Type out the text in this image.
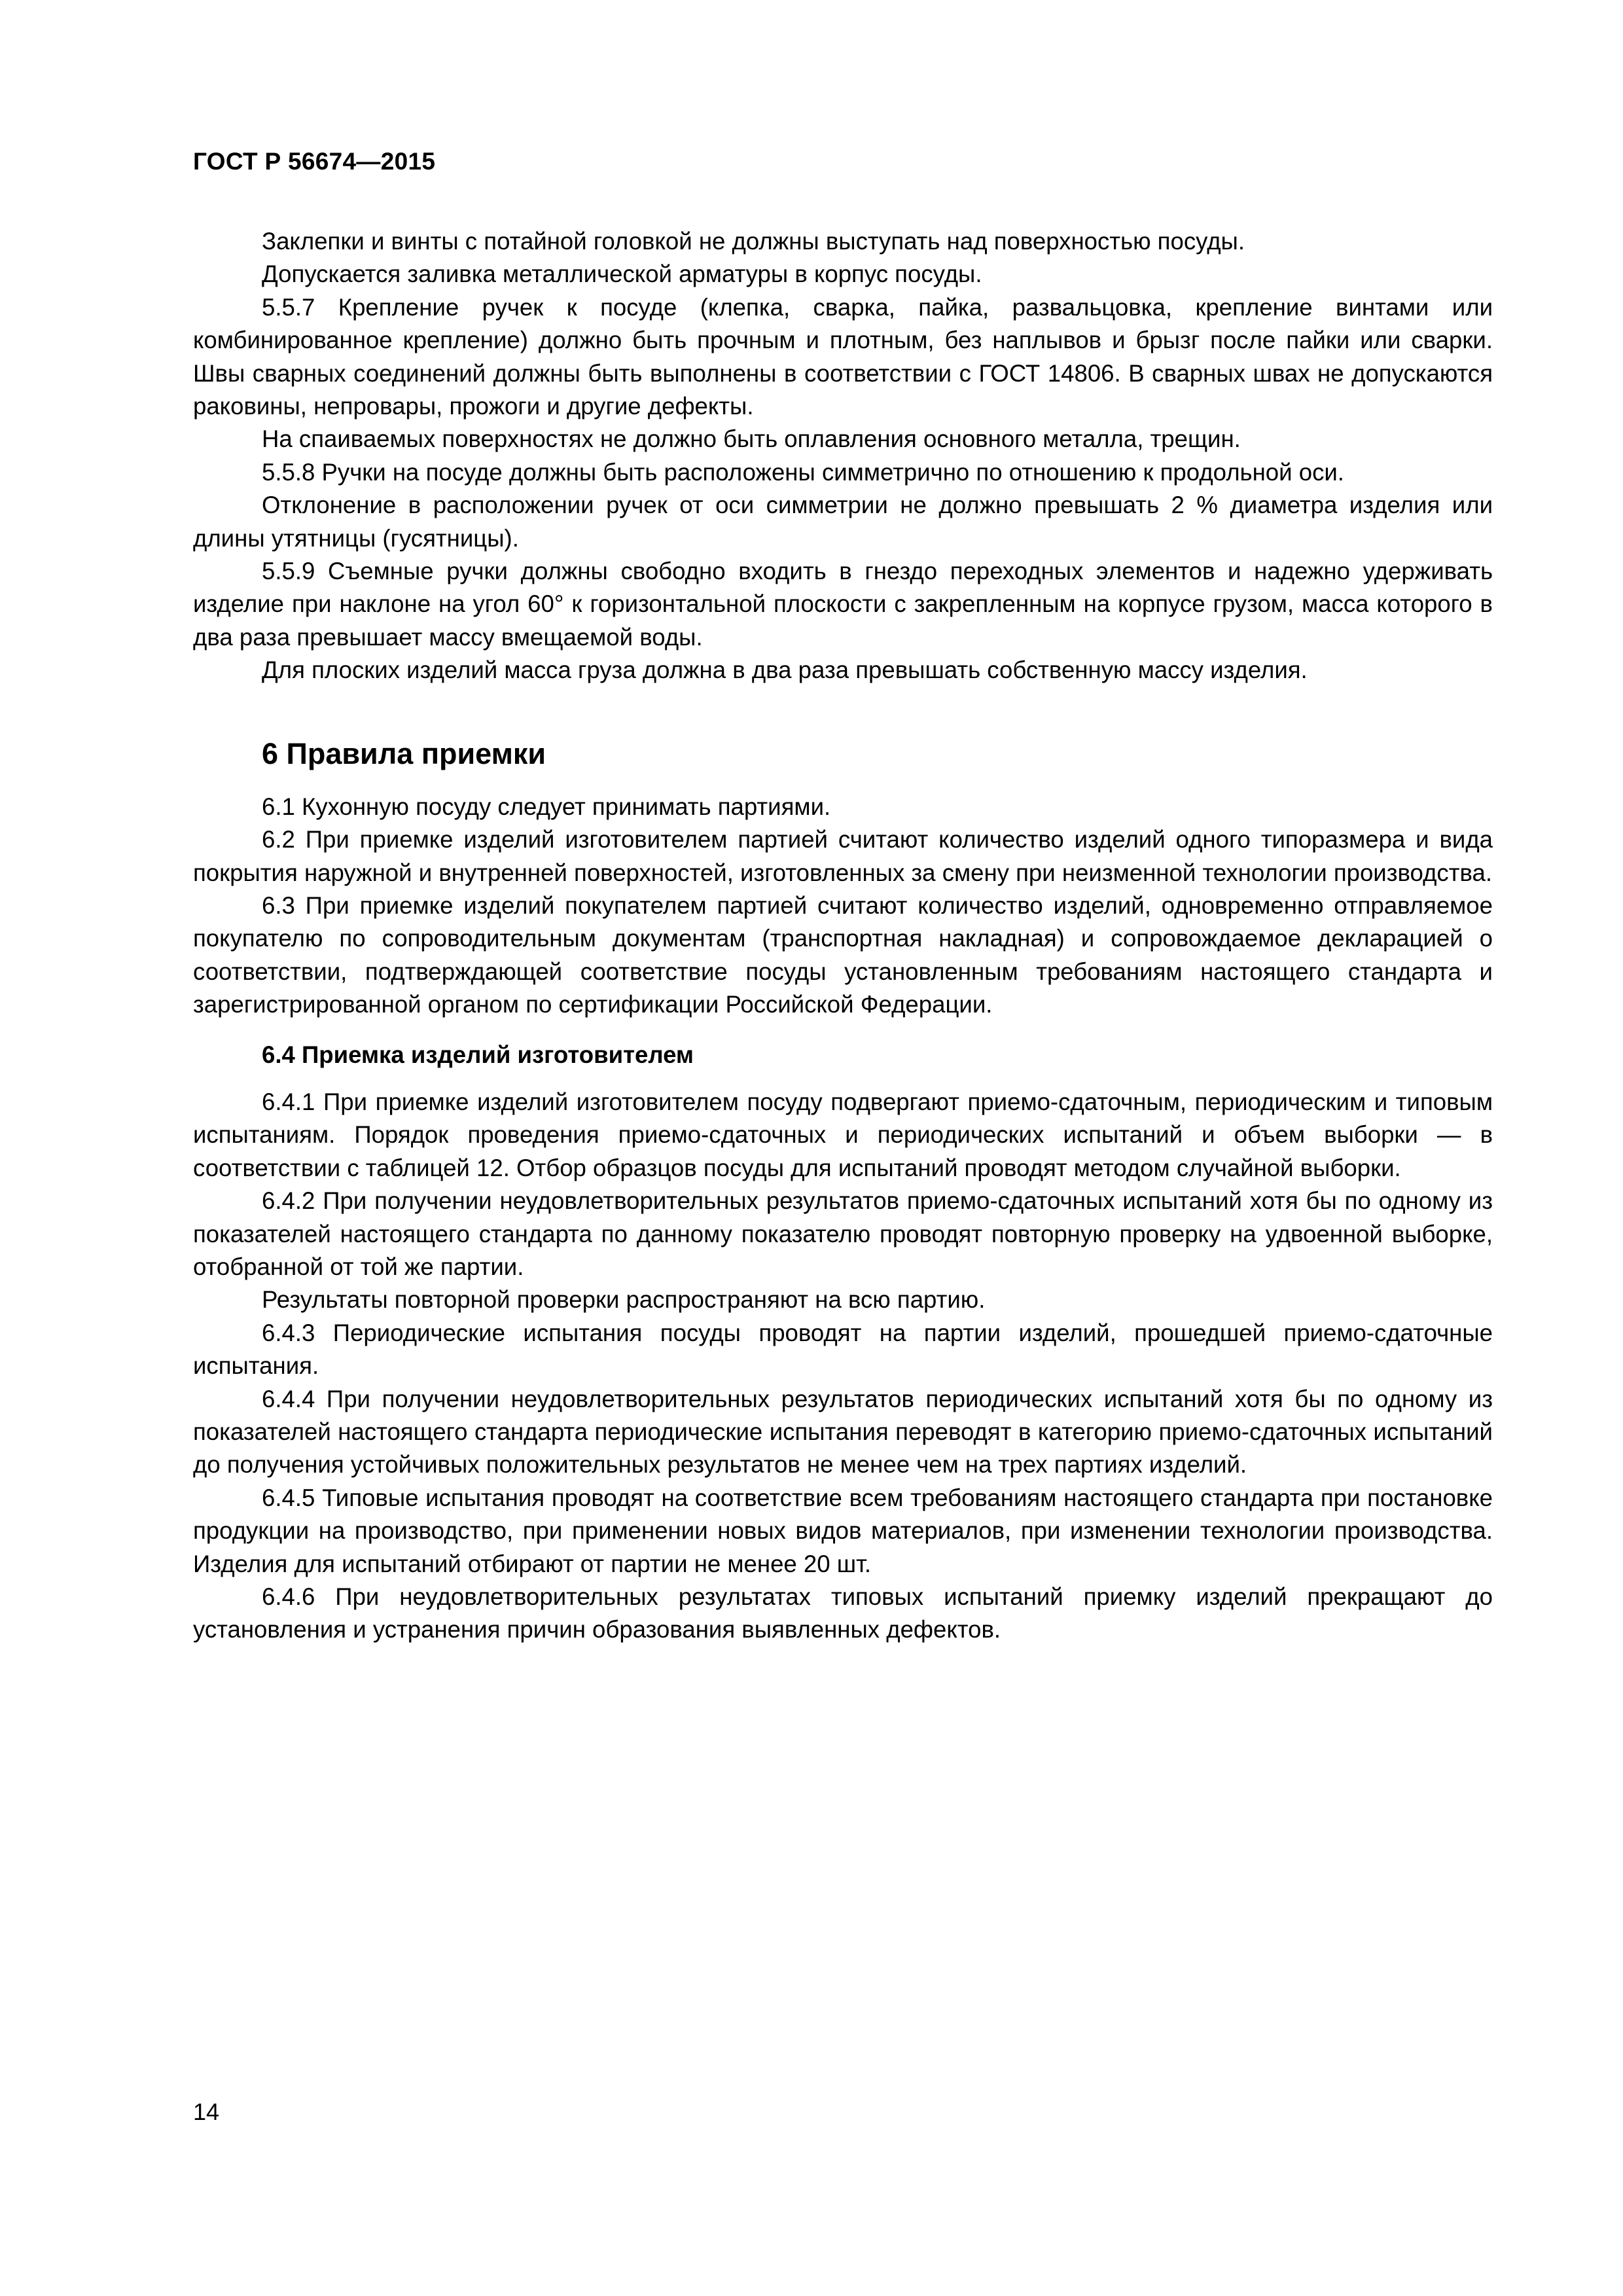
ГОСТ Р 56674—2015

Заклепки и винты с потайной головкой не должны выступать над поверхностью посуды.

Допускается заливка металлической арматуры в корпус посуды.

5.5.7 Крепление ручек к посуде (клепка, сварка, пайка, развальцовка, крепление винтами или комбинированное крепление) должно быть прочным и плотным, без наплывов и брызг после пайки или сварки. Швы сварных соединений должны быть выполнены в соответствии с ГОСТ 14806. В сварных швах не допускаются раковины, непровары, прожоги и другие дефекты.

На спаиваемых поверхностях не должно быть оплавления основного металла, трещин.

5.5.8 Ручки на посуде должны быть расположены симметрично по отношению к продольной оси.

Отклонение в расположении ручек от оси симметрии не должно превышать 2 % диаметра изделия или длины утятницы (гусятницы).

5.5.9 Съемные ручки должны свободно входить в гнездо переходных элементов и надежно удерживать изделие при наклоне на угол 60° к горизонтальной плоскости с закрепленным на корпусе грузом, масса которого в два раза превышает массу вмещаемой воды.

Для плоских изделий масса груза должна в два раза превышать собственную массу изделия.

6 Правила приемки

6.1 Кухонную посуду следует принимать партиями.

6.2 При приемке изделий изготовителем партией считают количество изделий одного типоразмера и вида покрытия наружной и внутренней поверхностей, изготовленных за смену при неизменной технологии производства.

6.3 При приемке изделий покупателем партией считают количество изделий, одновременно отправляемое покупателю по сопроводительным документам (транспортная накладная) и сопровождаемое декларацией о соответствии, подтверждающей соответствие посуды установленным требованиям настоящего стандарта и зарегистрированной органом по сертификации Российской Федерации.

6.4 Приемка изделий изготовителем

6.4.1 При приемке изделий изготовителем посуду подвергают приемо-сдаточным, периодическим и типовым испытаниям. Порядок проведения приемо-сдаточных и периодических испытаний и объем выборки — в соответствии с таблицей 12. Отбор образцов посуды для испытаний проводят методом случайной выборки.

6.4.2 При получении неудовлетворительных результатов приемо-сдаточных испытаний хотя бы по одному из показателей настоящего стандарта по данному показателю проводят повторную проверку на удвоенной выборке, отобранной от той же партии.

Результаты повторной проверки распространяют на всю партию.

6.4.3 Периодические испытания посуды проводят на партии изделий, прошедшей приемо-сдаточные испытания.

6.4.4 При получении неудовлетворительных результатов периодических испытаний хотя бы по одному из показателей настоящего стандарта периодические испытания переводят в категорию приемо-сдаточных испытаний до получения устойчивых положительных результатов не менее чем на трех партиях изделий.

6.4.5 Типовые испытания проводят на соответствие всем требованиям настоящего стандарта при постановке продукции на производство, при применении новых видов материалов, при изменении технологии производства. Изделия для испытаний отбирают от партии не менее 20 шт.

6.4.6 При неудовлетворительных результатах типовых испытаний приемку изделий прекращают до установления и устранения причин образования выявленных дефектов.

14
